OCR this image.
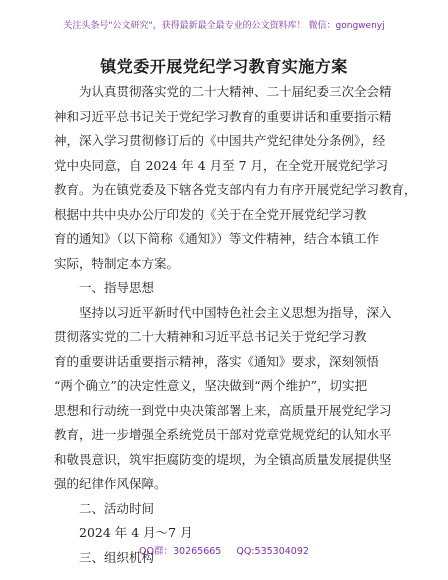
关注头条号"公文研究"，获得最新最全最专业的公文资料库！ 微信：gongwenyj
镇党委开展党纪学习教育实施方案
为认真贯彻落实党的二十大精神、二十届纪委三次全会精
神和习近平总书记关于党纪学习教育的重要讲话和重要指示精
神，深入学习贯彻修订后的《中国共产党纪律处分条例》，经
党中央同意，自 2024 年 4 月至 7 月，在全党开展党纪学习
教育。为在镇党委及下辖各党支部内有力有序开展党纪学习教育，
根据中共中央办公厅印发的《关于在全党开展党纪学习教
育的通知》（以下简称《通知》）等文件精神，结合本镇工作
实际，特制定本方案。
一、指导思想
坚持以习近平新时代中国特色社会主义思想为指导，深入
贯彻落实党的二十大精神和习近平总书记关于党纪学习教
育的重要讲话重要指示精神，落实《通知》要求，深刻领悟
“两个确立”的决定性意义，坚决做到“两个维护”，切实把
思想和行动统一到党中央决策部署上来，高质量开展党纪学习
教育，进一步增强全系统党员干部对党章党规党纪的认知水平
和敬畏意识，筑牢拒腐防变的堤坝，为全镇高质量发展提供坚
强的纪律作风保障。
二、活动时间
2024 年 4 月～7 月
三、组织机构
QQ群：30265665 QQ:535304092
